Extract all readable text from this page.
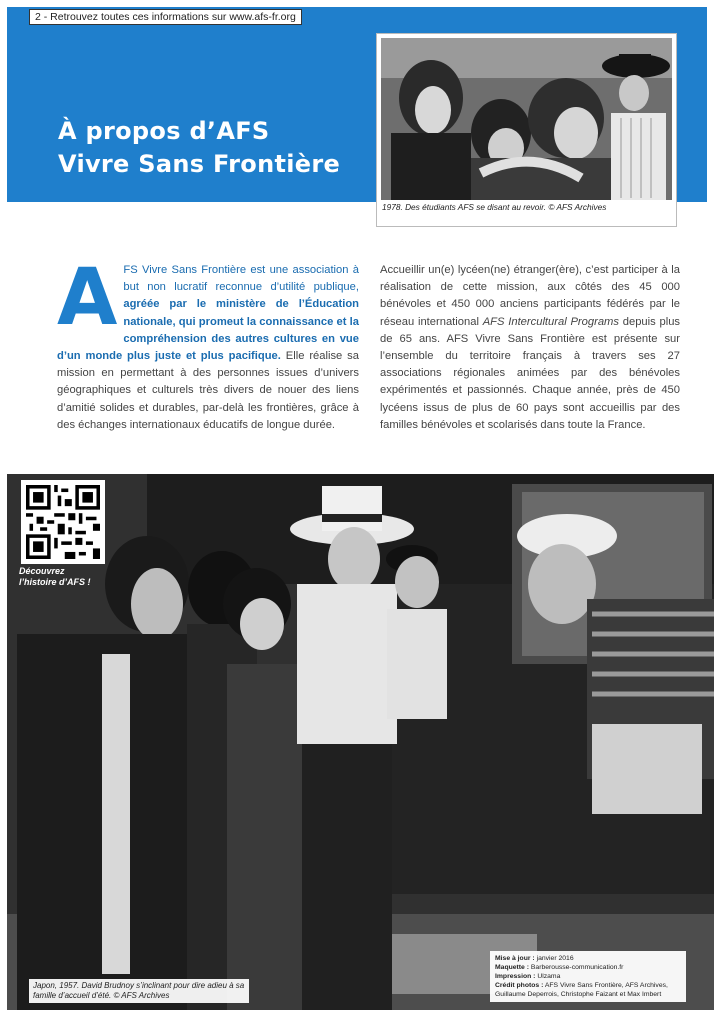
2 - Retrouvez toutes ces informations sur www.afs-fr.org
À propos d’AFS
Vivre Sans Frontière
1978. Des étudiants AFS se disant au revoir. © AFS Archives
A FS Vivre Sans Frontière est une association à but non lucratif reconnue d’utilité publique, agréée par le ministère de l’Éducation nationale, qui promeut la connaissance et la compréhension des autres cultures en vue d’un monde plus juste et plus pacifique. Elle réalise sa mission en permettant à des personnes issues d’univers géographiques et culturels très divers de nouer des liens d’amitié solides et durables, par-delà les frontières, grâce à des échanges internationaux éducatifs de longue durée.
Accueillir un(e) lycéen(ne) étranger(ère), c’est participer à la réalisation de cette mission, aux côtés des 45 000 bénévoles et 450 000 anciens participants fédérés par le réseau international AFS Intercultural Programs depuis plus de 65 ans. AFS Vivre Sans Frontière est présente sur l’ensemble du territoire français à travers ses 27 associations régionales animées par des bénévoles expérimentés et passionnés. Chaque année, près de 450 lycéens issus de plus de 60 pays sont accueillis par des familles bénévoles et scolarisés dans toute la France.
Découvrez
l’histoire d’AFS !
Japon, 1957. David Brudnoy s’inclinant pour dire adieu à sa famille d’accueil d’été. © AFS Archives
Mise à jour : janvier 2016
Maquette : Barberousse-communication.fr
Impression : Ulzama
Crédit photos : AFS Vivre Sans Frontière, AFS Archives,
Guillaume Deperrois, Christophe Faizant et Max Imbert
